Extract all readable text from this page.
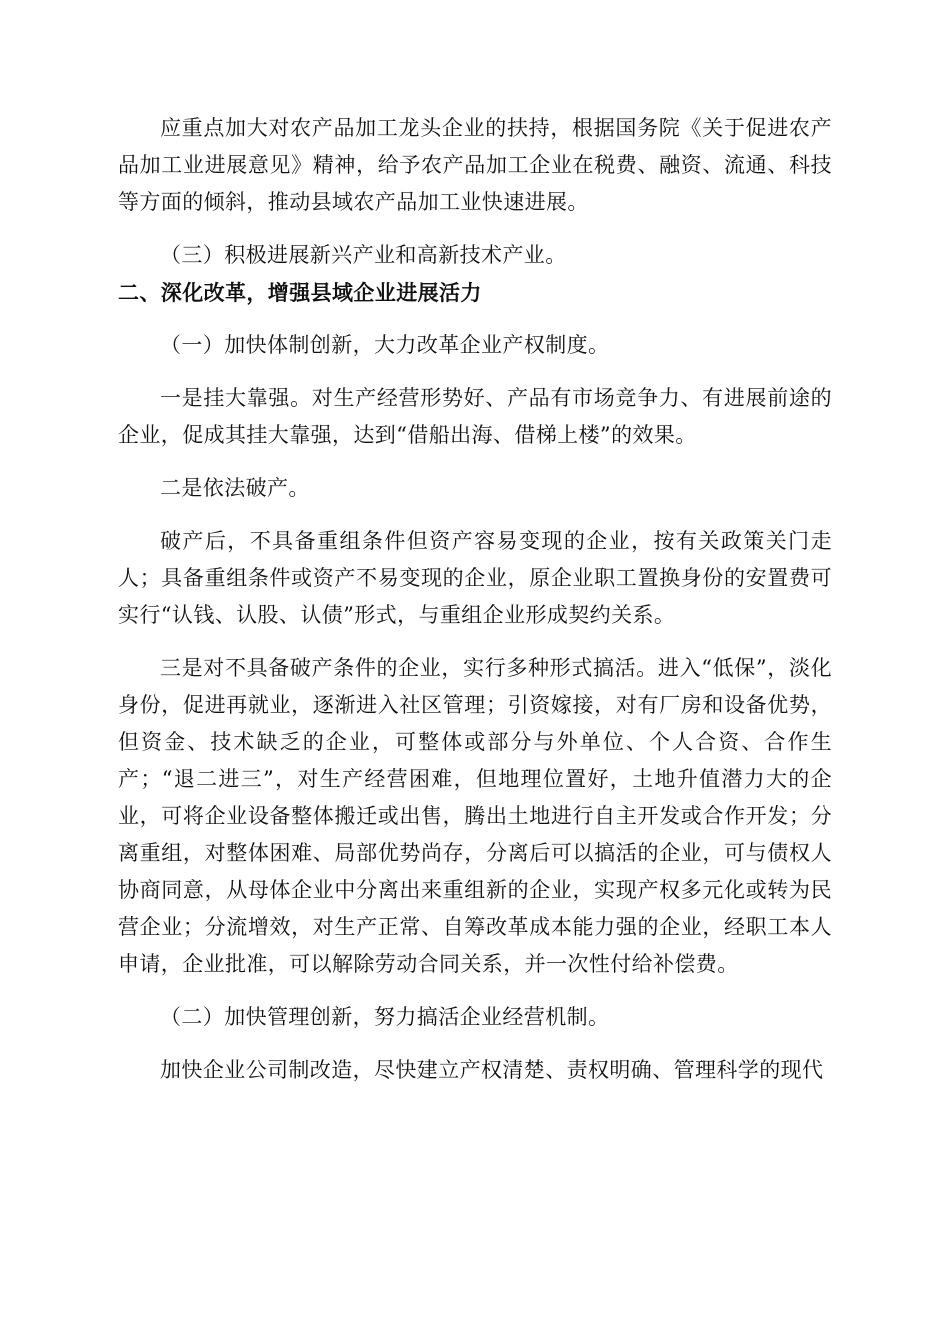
应重点加大对农产品加工龙头企业的扶持，根据国务院《关于促进农产品加工业进展意见》精神，给予农产品加工企业在税费、融资、流通、科技等方面的倾斜，推动县域农产品加工业快速进展。

（三）积极进展新兴产业和高新技术产业。

二、深化改革，增强县域企业进展活力

（一）加快体制创新，大力改革企业产权制度。

一是挂大靠强。对生产经营形势好、产品有市场竞争力、有进展前途的企业，促成其挂大靠强，达到“借船出海、借梯上楼”的效果。

二是依法破产。

破产后，不具备重组条件但资产容易变现的企业，按有关政策关门走人；具备重组条件或资产不易变现的企业，原企业职工置换身份的安置费可实行“认钱、认股、认债”形式，与重组企业形成契约关系。

三是对不具备破产条件的企业，实行多种形式搞活。进入“低保”，淡化身份，促进再就业，逐渐进入社区管理；引资嫁接，对有厂房和设备优势，但资金、技术缺乏的企业，可整体或部分与外单位、个人合资、合作生产；“退二进三”，对生产经营困难，但地理位置好，土地升值潜力大的企业，可将企业设备整体搬迁或出售，腾出土地进行自主开发或合作开发；分离重组，对整体困难、局部优势尚存，分离后可以搞活的企业，可与债权人协商同意，从母体企业中分离出来重组新的企业，实现产权多元化或转为民营企业；分流增效，对生产正常、自筹改革成本能力强的企业，经职工本人申请，企业批准，可以解除劳动合同关系，并一次性付给补偿费。

（二）加快管理创新，努力搞活企业经营机制。

加快企业公司制改造，尽快建立产权清楚、责权明确、管理科学的现代
